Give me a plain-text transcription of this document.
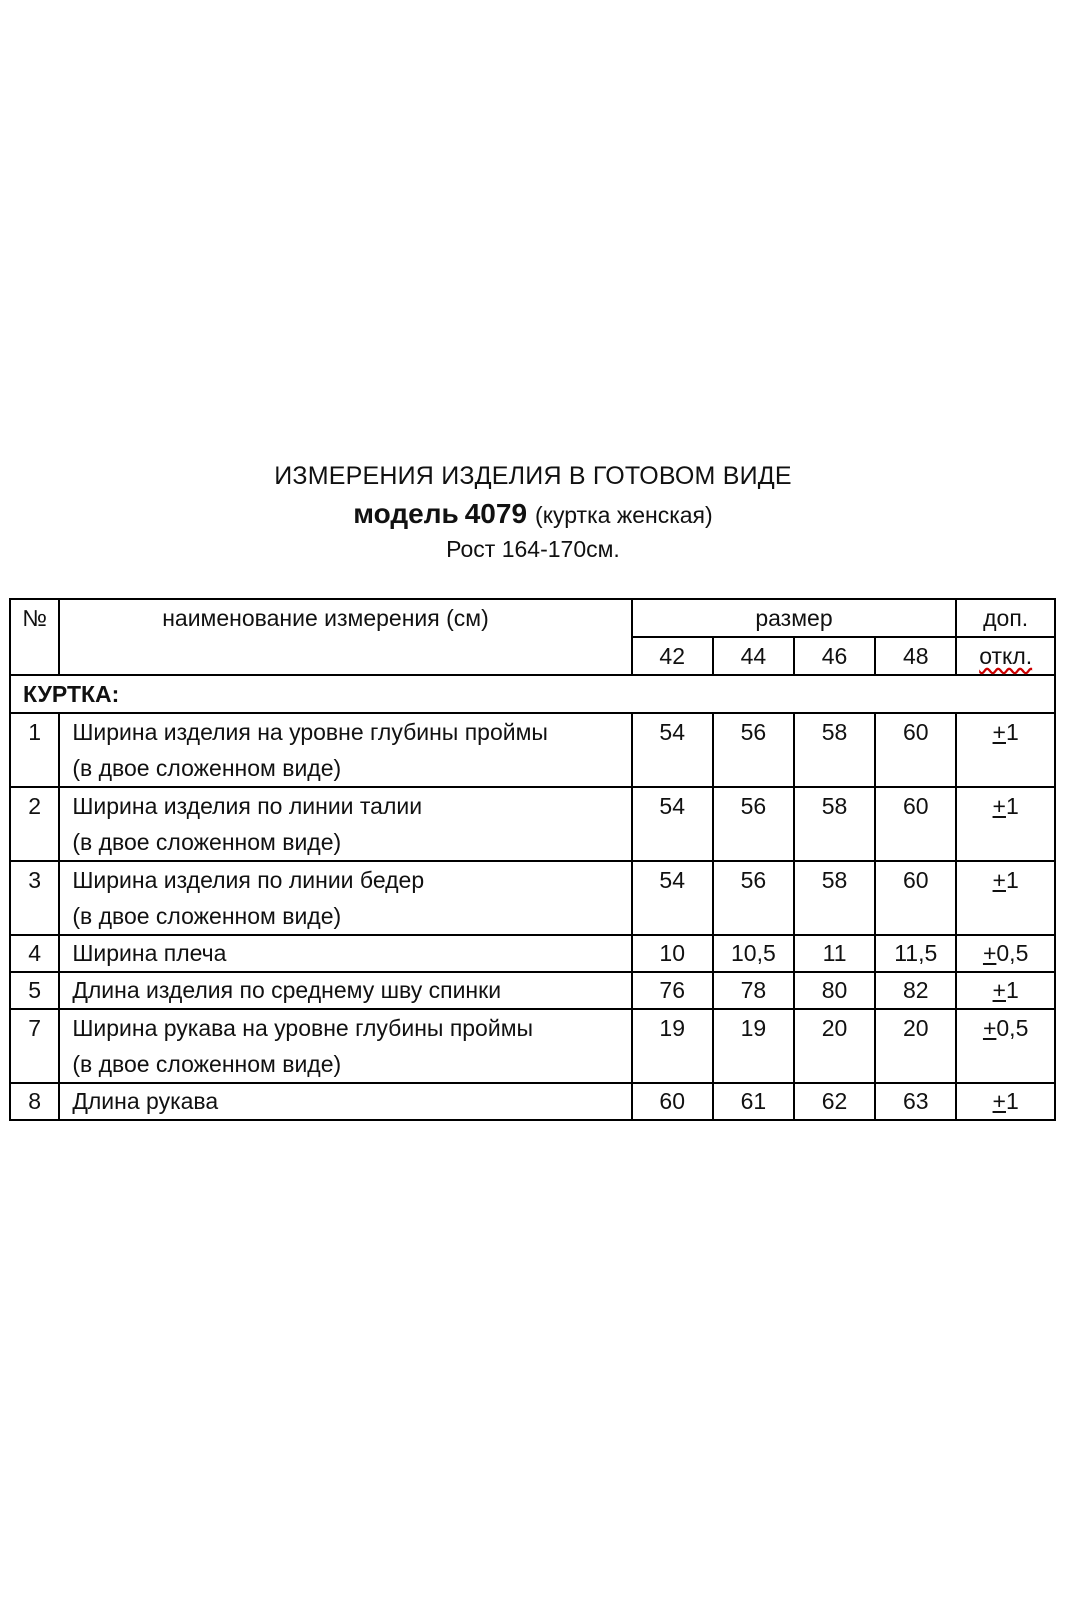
ИЗМЕРЕНИЯ ИЗДЕЛИЯ В ГОТОВОМ ВИДЕ
модель 4079 (куртка женская)
Рост 164-170см.
№	наименование измерения (см)	размер				доп.
		42	44	46	48	откл.
КУРТКА:						
1	Ширина изделия на уровне глубины проймы
(в двое сложенном виде)	54	56	58	60	+1
2	Ширина изделия по линии талии
(в двое сложенном виде)	54	56	58	60	+1
3	Ширина изделия по линии бедер
(в двое сложенном виде)	54	56	58	60	+1
4	Ширина плеча	10	10,5	11	11,5	+0,5
5	Длина изделия по среднему шву спинки	76	78	80	82	+1
7	Ширина рукава на уровне глубины проймы
(в двое сложенном виде)	19	19	20	20	+0,5
8	Длина рукава	60	61	62	63	+1
